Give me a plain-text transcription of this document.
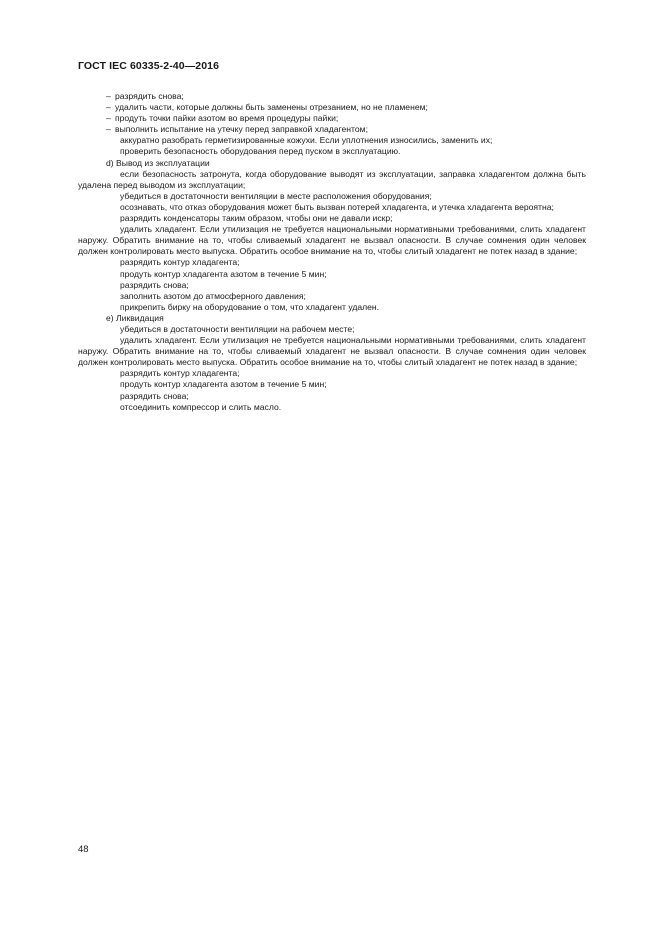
ГОСТ IEC 60335-2-40—2016
– разрядить снова;
– удалить части, которые должны быть заменены отрезанием, но не пламенем;
– продуть точки пайки азотом во время процедуры пайки;
– выполнить испытание на утечку перед заправкой хладагентом;
аккуратно разобрать герметизированные кожухи. Если уплотнения износились, заменить их;
проверить безопасность оборудования перед пуском в эксплуатацию.
d) Вывод из эксплуатации
если безопасность затронута, когда оборудование выводят из эксплуатации, заправка хладагентом должна быть удалена перед выводом из эксплуатации;
убедиться в достаточности вентиляции в месте расположения оборудования;
осознавать, что отказ оборудования может быть вызван потерей хладагента, и утечка хладагента вероятна;
разрядить конденсаторы таким образом, чтобы они не давали искр;
удалить хладагент. Если утилизация не требуется национальными нормативными требованиями, слить хладагент наружу. Обратить внимание на то, чтобы сливаемый хладагент не вызвал опасности. В случае сомнения один человек должен контролировать место выпуска. Обратить особое внимание на то, чтобы слитый хладагент не потек назад в здание;
разрядить контур хладагента;
продуть контур хладагента азотом в течение 5 мин;
разрядить снова;
заполнить азотом до атмосферного давления;
прикрепить бирку на оборудование о том, что хладагент удален.
e) Ликвидация
убедиться в достаточности вентиляции на рабочем месте;
удалить хладагент. Если утилизация не требуется национальными нормативными требованиями, слить хладагент наружу. Обратить внимание на то, чтобы сливаемый хладагент не вызвал опасности. В случае сомнения один человек должен контролировать место выпуска. Обратить особое внимание на то, чтобы слитый хладагент не потек назад в здание;
разрядить контур хладагента;
продуть контур хладагента азотом в течение 5 мин;
разрядить снова;
отсоединить компрессор и слить масло.
48
